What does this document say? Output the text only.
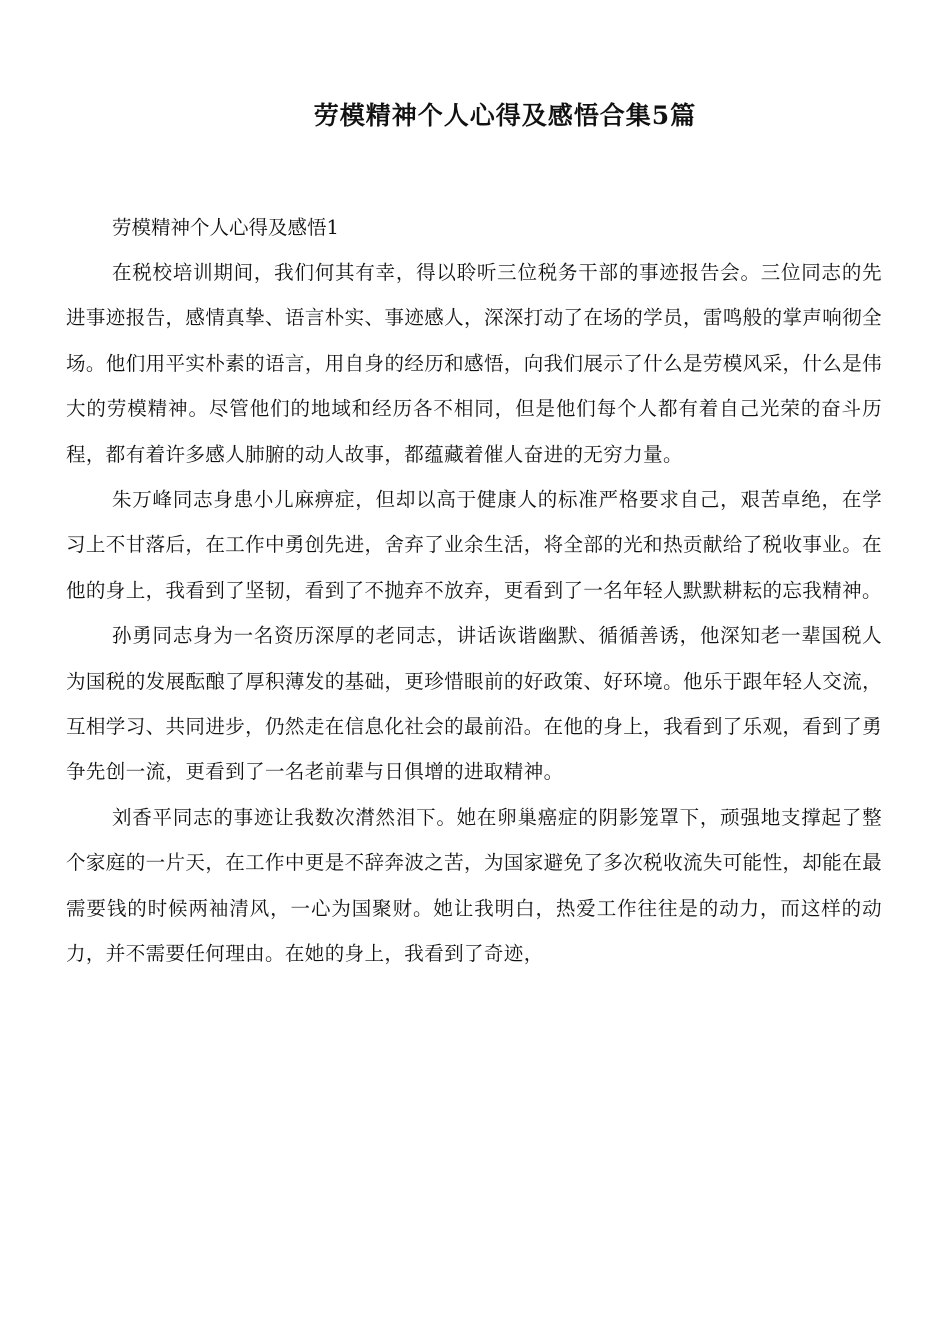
劳模精神个人心得及感悟合集5篇

劳模精神个人心得及感悟1

在税校培训期间，我们何其有幸，得以聆听三位税务干部的事迹报告会。三位同志的先进事迹报告，感情真挚、语言朴实、事迹感人，深深打动了在场的学员，雷鸣般的掌声响彻全场。他们用平实朴素的语言，用自身的经历和感悟，向我们展示了什么是劳模风采，什么是伟大的劳模精神。尽管他们的地域和经历各不相同，但是他们每个人都有着自己光荣的奋斗历程，都有着许多感人肺腑的动人故事，都蕴藏着催人奋进的无穷力量。

朱万峰同志身患小儿麻痹症，但却以高于健康人的标准严格要求自己，艰苦卓绝，在学习上不甘落后，在工作中勇创先进，舍弃了业余生活，将全部的光和热贡献给了税收事业。在他的身上，我看到了坚韧，看到了不抛弃不放弃，更看到了一名年轻人默默耕耘的忘我精神。

孙勇同志身为一名资历深厚的老同志，讲话诙谐幽默、循循善诱，他深知老一辈国税人为国税的发展酝酿了厚积薄发的基础，更珍惜眼前的好政策、好环境。他乐于跟年轻人交流，互相学习、共同进步，仍然走在信息化社会的最前沿。在他的身上，我看到了乐观，看到了勇争先创一流，更看到了一名老前辈与日俱增的进取精神。

刘香平同志的事迹让我数次潸然泪下。她在卵巢癌症的阴影笼罩下，顽强地支撑起了整个家庭的一片天，在工作中更是不辞奔波之苦，为国家避免了多次税收流失可能性，却能在最需要钱的时候两袖清风，一心为国聚财。她让我明白，热爱工作往往是的动力，而这样的动力，并不需要任何理由。在她的身上，我看到了奇迹，
